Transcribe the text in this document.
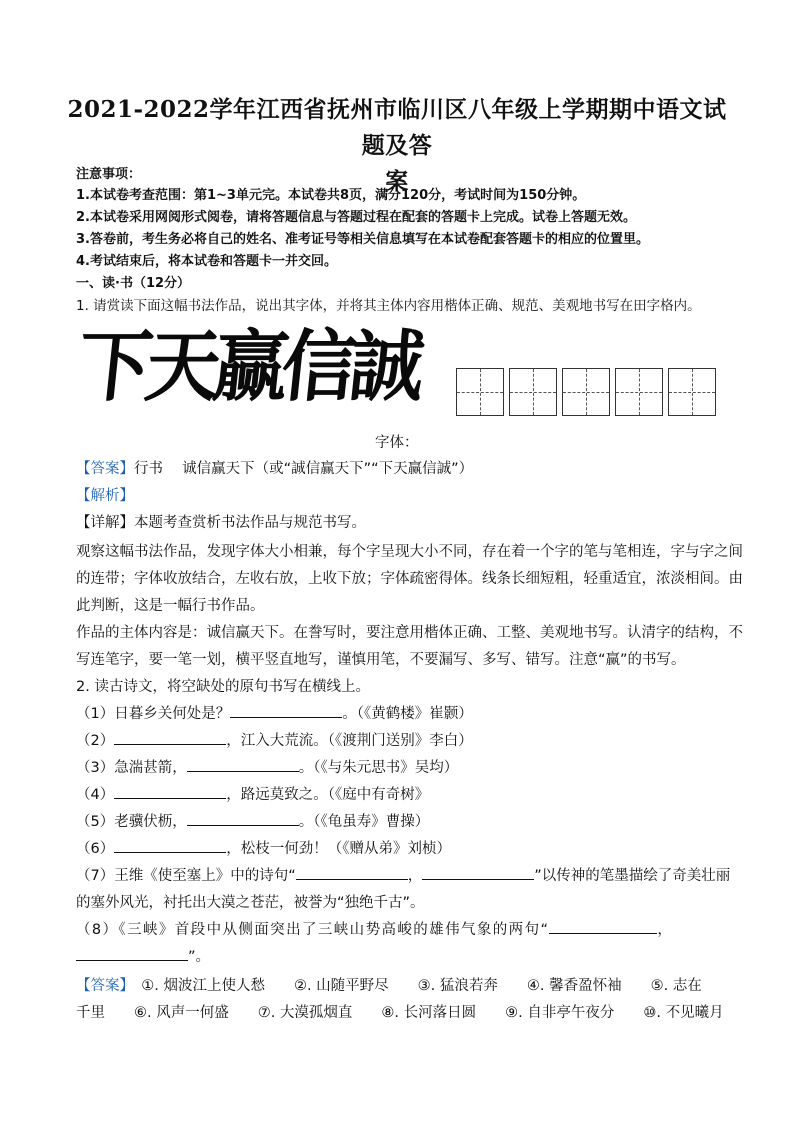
2021-2022学年江西省抚州市临川区八年级上学期期中语文试题及答
案
注意事项：
1.本试卷考查范围：第1~3单元完。本试卷共8页，满分120分，考试时间为150分钟。
2.本试卷采用网阅形式阅卷，请将答题信息与答题过程在配套的答题卡上完成。试卷上答题无效。
3.答卷前，考生务必将自己的姓名、准考证号等相关信息填写在本试卷配套答题卡的相应的位置里。
4.考试结束后，将本试卷和答题卡一并交回。
一、读·书（12分）
1. 请赏读下面这幅书法作品，说出其字体，并将其主体内容用楷体正确、规范、美观地书写在田字格内。
下天赢信誠
字体：
【答案】行书　 诚信赢天下（或“誠信赢天下”“下天赢信誠”）
【解析】
【详解】本题考查赏析书法作品与规范书写。
观察这幅书法作品，发现字体大小相兼，每个字呈现大小不同，存在着一个字的笔与笔相连，字与字之间
的连带；字体收放结合，左收右放，上收下放；字体疏密得体。线条长细短粗，轻重适宜，浓淡相间。由
此判断，这是一幅行书作品。
作品的主体内容是：诚信赢天下。在誊写时，要注意用楷体正确、工整、美观地书写。认清字的结构，不
写连笔字，要一笔一划，横平竖直地写，谨慎用笔，不要漏写、多写、错写。注意“赢”的书写。
2. 读古诗文，将空缺处的原句书写在横线上。
（1）日暮乡关何处是？	。（《黄鹤楼》崔颢）
（2）	，江入大荒流。（《渡荆门送别》李白）
（3）急湍甚箭，	。（《与朱元思书》吴均）
（4）	，路远莫致之。（《庭中有奇树》
（5）老骥伏枥，	。（《龟虽寿》曹操）
（6）	，松枝一何劲！（《赠从弟》刘桢）
（7）王维《使至塞上》中的诗句“	，	”以传神的笔墨描绘了奇美壮丽
的塞外风光，衬托出大漠之苍茫，被誉为“独绝千古”。
（8）《三峡》首段中从侧面突出了三峡山势高峻的雄伟气象的两句“	，
”。
【答案】　 ①. 烟波江上使人愁　　②. 山随平野尽　　③. 猛浪若奔　　④. 馨香盈怀袖　　⑤. 志在
千里　　⑥. 风声一何盛　　⑦. 大漠孤烟直　　⑧. 长河落日圆　　⑨. 自非亭午夜分　　⑩. 不见曦月
